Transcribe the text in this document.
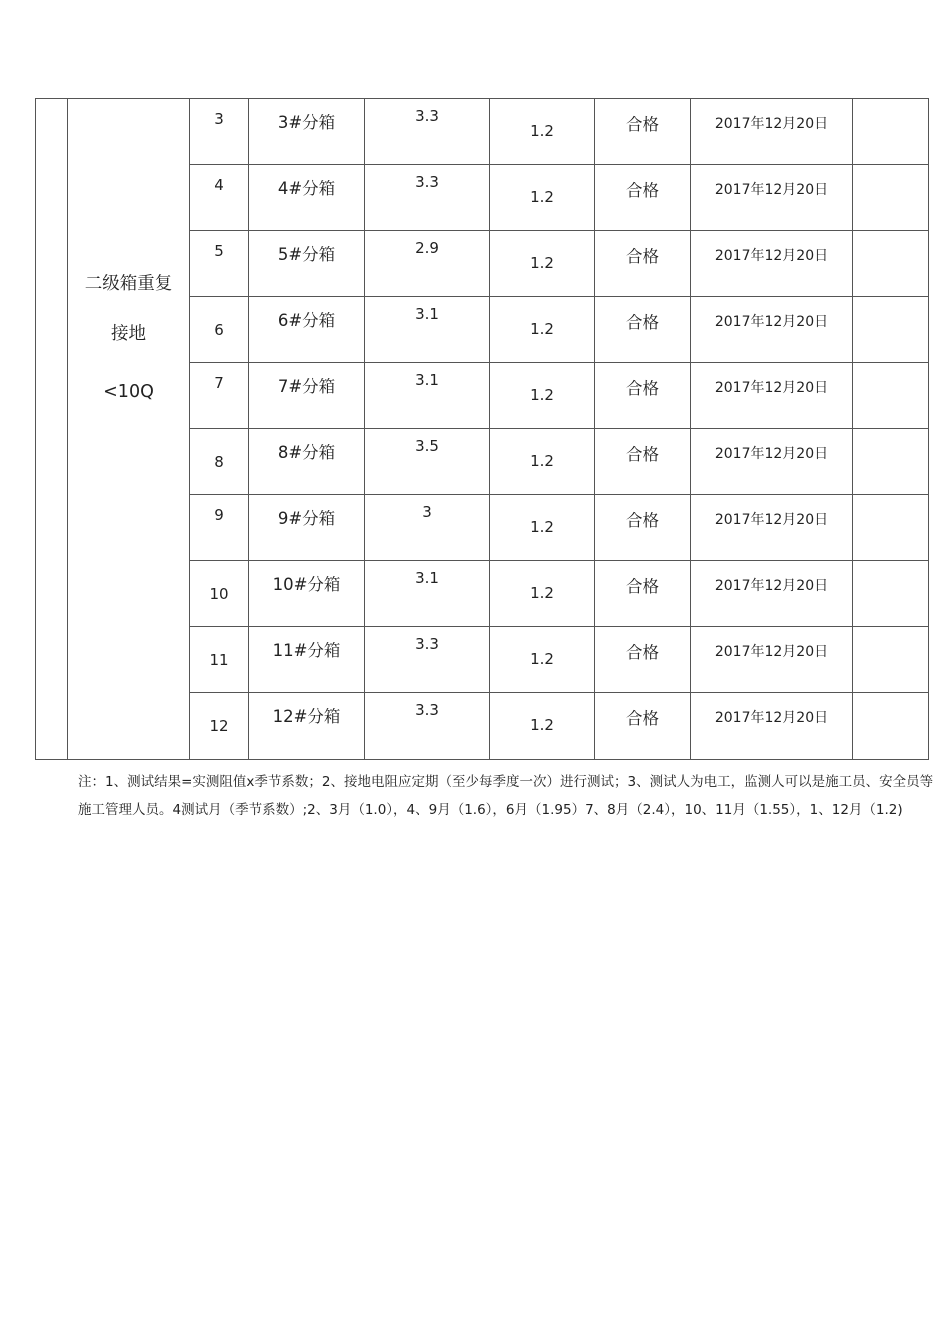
	二级箱重复
接地
<10Q	3	3#分箱	3.3	1.2	合格	2017年12月20日	

		4	4#分箱	3.3	1.2	合格	2017年12月20日	

		5	5#分箱	2.9	1.2	合格	2017年12月20日	

		6	6#分箱	3.1	1.2	合格	2017年12月20日	

		7	7#分箱	3.1	1.2	合格	2017年12月20日	

		8	8#分箱	3.5	1.2	合格	2017年12月20日	

		9	9#分箱	3	1.2	合格	2017年12月20日	

		10	10#分箱	3.1	1.2	合格	2017年12月20日	

		11	11#分箱	3.3	1.2	合格	2017年12月20日	

		12	12#分箱	3.3	1.2	合格	2017年12月20日	

注：1、测试结果=实测阻值x季节系数；2、接地电阻应定期（至少每季度一次）进行测试；3、测试人为电工，监测人可以是施工员、安全员等施工管理人员。4测试月（季节系数）;2、3月（1.0），4、9月（1.6），6月（1.95）7、8月（2.4），10、11月（1.55），1、12月（1.2)
